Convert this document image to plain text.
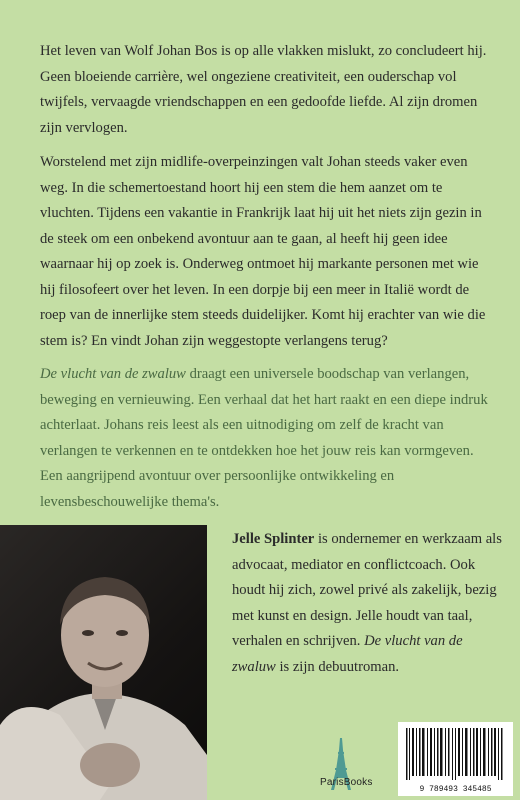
Het leven van Wolf Johan Bos is op alle vlakken mislukt, zo concludeert hij. Geen bloeiende carrière, wel ongeziene creativiteit, een ouderschap vol twijfels, vervaagde vriendschappen en een gedoofde liefde. Al zijn dromen zijn vervlogen.

Worstelend met zijn midlife-overpeinzingen valt Johan steeds vaker even weg. In die schemertoestand hoort hij een stem die hem aanzet om te vluchten. Tijdens een vakantie in Frankrijk laat hij uit het niets zijn gezin in de steek om een onbekend avontuur aan te gaan, al heeft hij geen idee waarnaar hij op zoek is. Onderweg ontmoet hij markante personen met wie hij filosofeert over het leven. In een dorpje bij een meer in Italië wordt de roep van de innerlijke stem steeds duidelijker. Komt hij erachter van wie die stem is? En vindt Johan zijn weggestopte verlangens terug?

De vlucht van de zwaluw draagt een universele boodschap van verlangen, beweging en vernieuwing. Een verhaal dat het hart raakt en een diepe indruk achterlaat. Johans reis leest als een uitnodiging om zelf de kracht van verlangen te verkennen en te ontdekken hoe het jouw reis kan vormgeven. Een aangrijpend avontuur over persoonlijke ontwikkeling en levensbeschouwelijke thema's.

Jelle Splinter is ondernemer en werkzaam als advocaat, mediator en conflictcoach. Ook houdt hij zich, zowel privé als zakelijk, bezig met kunst en design. Jelle houdt van taal, verhalen en schrijven. De vlucht van de zwaluw is zijn debuutroman.

ParisBooks
9 789493 345485
